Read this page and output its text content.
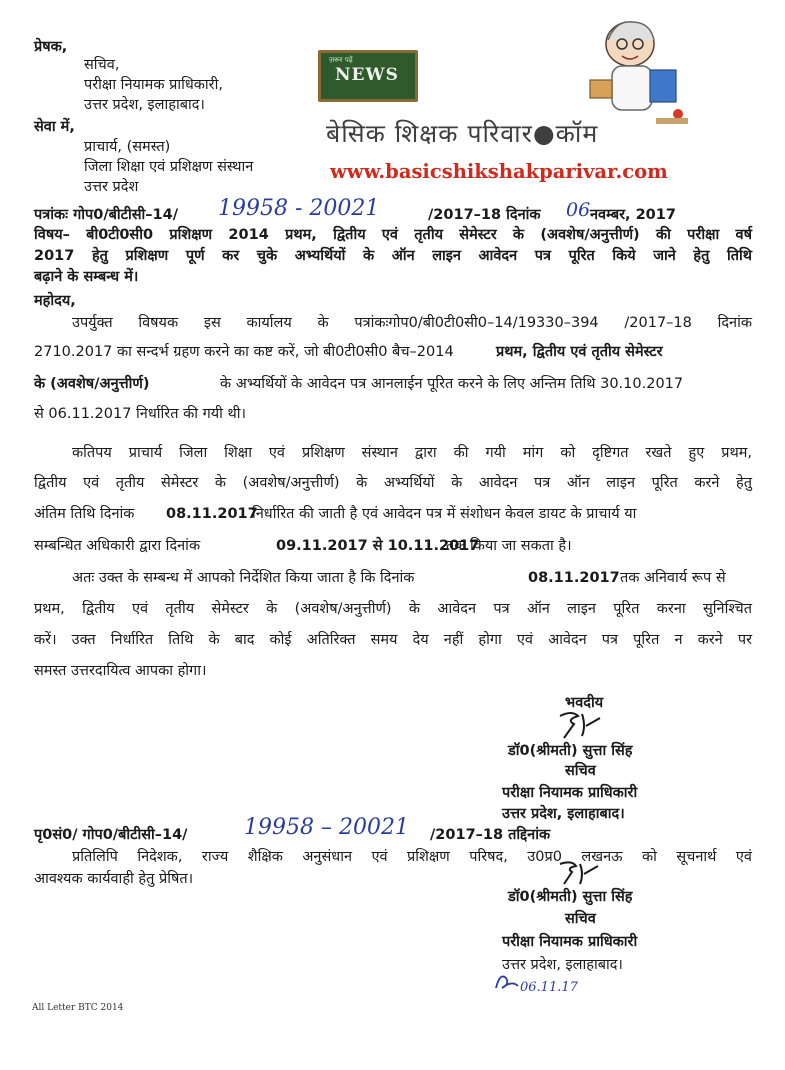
ज़रूर पढ़ें
NEWS
बेसिक शिक्षक परिवार●कॉम
www.basicshikshakparivar.com
प्रेषक,
सचिव,
परीक्षा नियामक प्राधिकारी,
उत्तर प्रदेश, इलाहाबाद।
सेवा में,
प्राचार्य, (समस्त)
जिला शिक्षा एवं प्रशिक्षण संस्थान
उत्तर प्रदेश
पत्रांकः गोप0/बीटीसी–14/ 19958 - 20021	/2017–18 दिनांक 06 नवम्बर, 2017
विषय– बी0टी0सी0 प्रशिक्षण 2014 प्रथम, द्वितीय एवं तृतीय सेमेस्टर के (अवशेष/अनुत्तीर्ण) की परीक्षा वर्ष
2017 हेतु प्रशिक्षण पूर्ण कर चुके अभ्यर्थियों के ऑन लाइन आवेदन पत्र पूरित किये जाने हेतु तिथि
बढ़ाने के सम्बन्ध में।
महोदय,
उपर्युक्त विषयक इस कार्यालय के पत्रांकःगोप0/बी0टी0सी0–14/19330–394 /2017–18 दिनांक
2710.2017 का सन्दर्भ ग्रहण करने का कष्ट करें, जो बी0टी0सी0 बैच–2014	प्रथम, द्वितीय एवं तृतीय सेमेस्टर
के (अवशेष/अनुत्तीर्ण)	के अभ्यर्थियों के आवेदन पत्र आनलाईन पूरित करने के लिए अन्तिम तिथि 30.10.2017
से 06.11.2017 निर्धारित की गयी थी।
कतिपय प्राचार्य जिला शिक्षा एवं प्रशिक्षण संस्थान द्वारा की गयी मांग को दृष्टिगत रखते हुए प्रथम,
द्वितीय एवं तृतीय सेमेस्टर के (अवशेष/अनुत्तीर्ण) के अभ्यर्थियों के आवेदन पत्र ऑन लाइन पूरित करने हेतु
अंतिम तिथि दिनांक 08.11.2017
निर्धारित की जाती है एवं आवेदन पत्र में संशोधन केवल डायट के प्राचार्य या
सम्बन्धित अधिकारी द्वारा दिनांक	09.11.2017 से 10.11.2017
तक किया जा सकता है।
अतः उक्त के सम्बन्ध में आपको निर्देशित किया जाता है कि दिनांक	08.11.2017 तक अनिवार्य रूप से
प्रथम, द्वितीय एवं तृतीय सेमेस्टर के (अवशेष/अनुत्तीर्ण) के आवेदन पत्र ऑन लाइन पूरित करना सुनिश्चित
करें। उक्त निर्धारित तिथि के बाद कोई अतिरिक्त समय देय नहीं होगा एवं आवेदन पत्र पूरित न करने पर
समस्त उत्तरदायित्व आपका होगा।
भवदीय
डॉ0(श्रीमती) सुत्ता सिंह
सचिव
परीक्षा नियामक प्राधिकारी
उत्तर प्रदेश, इलाहाबाद।
पृ0सं0/ गोप0/बीटीसी–14/	19958 – 20021 /2017–18 तद्दिनांक
प्रतिलिपि निदेशक, राज्य शैक्षिक अनुसंधान एवं प्रशिक्षण परिषद, उ0प्र0 लखनऊ को सूचनार्थ एवं
आवश्यक कार्यवाही हेतु प्रेषित।
डॉ0(श्रीमती) सुत्ता सिंह
सचिव
परीक्षा नियामक प्राधिकारी
उत्तर प्रदेश, इलाहाबाद।
06.11.17
All Letter BTC 2014
